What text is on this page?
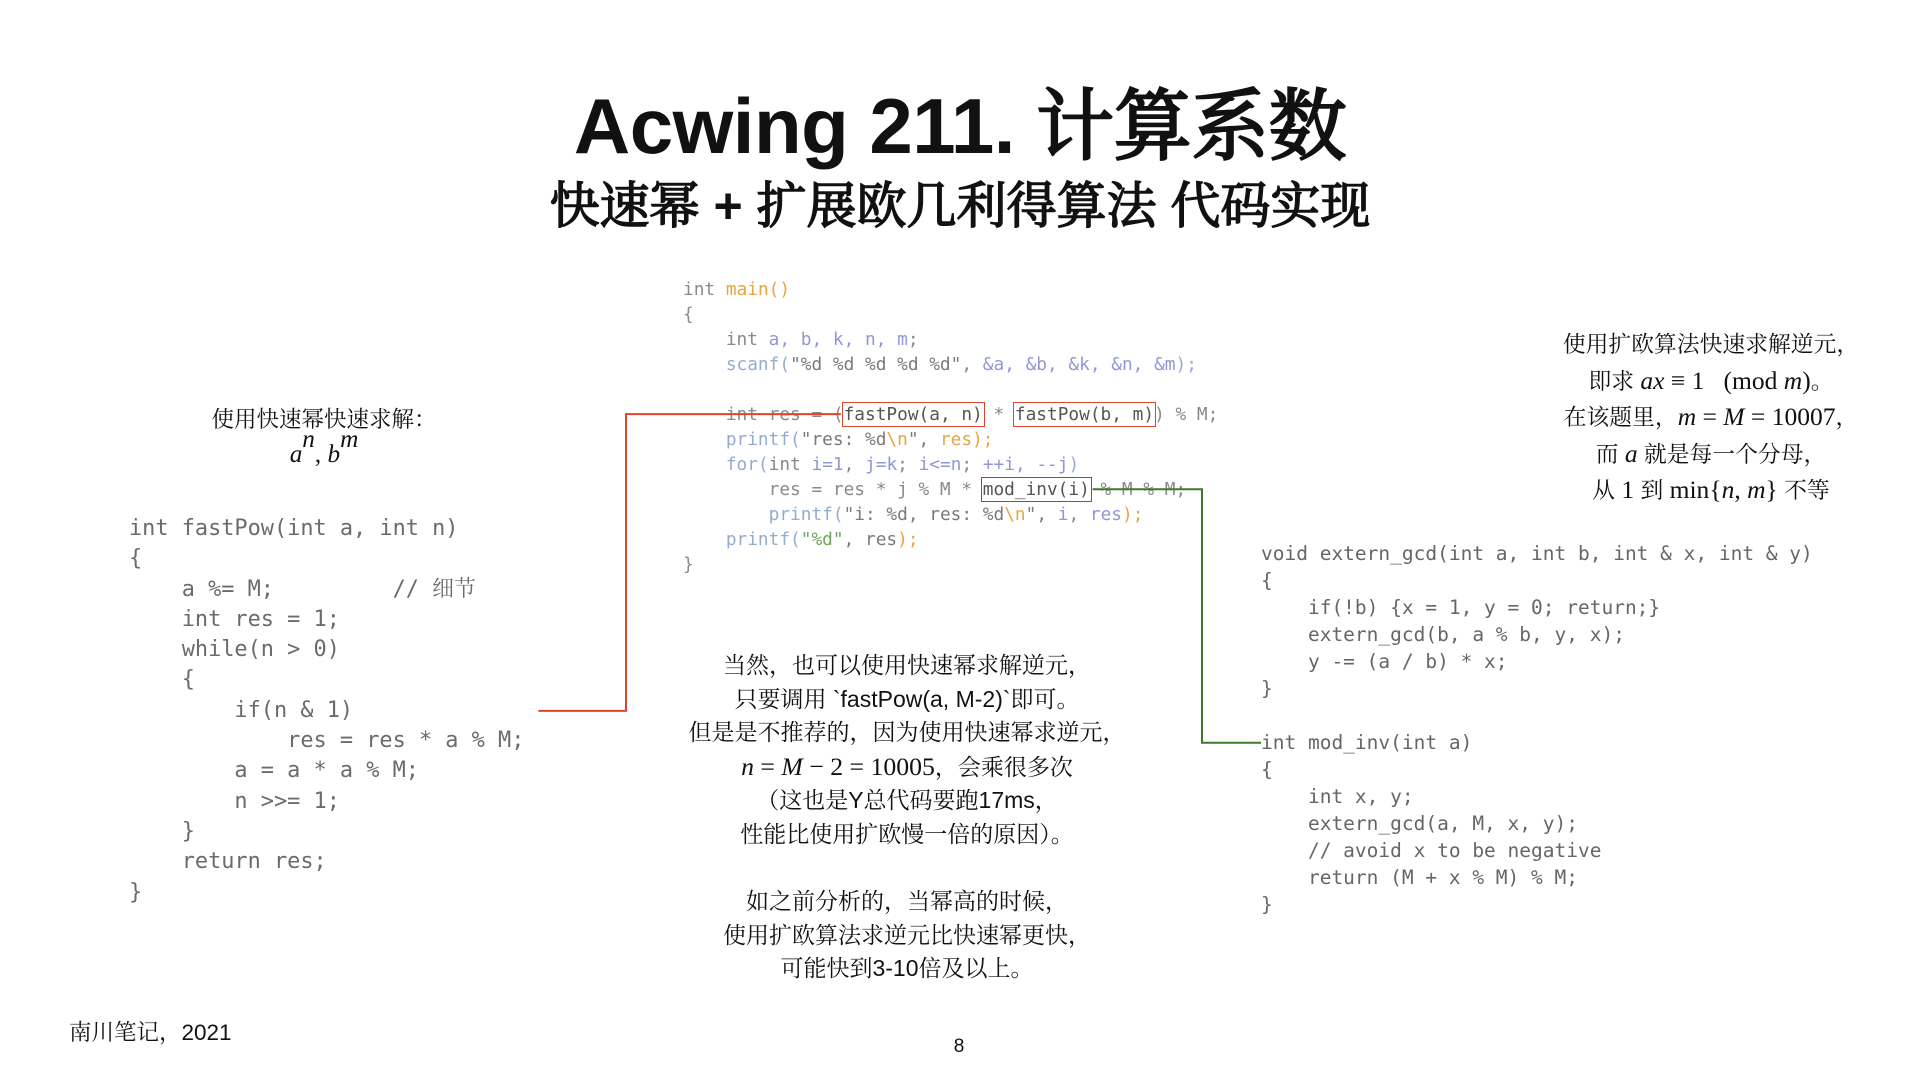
Acwing 211. 计算系数
快速幂 + 扩展欧几利得算法 代码实现
使用快速幂快速求解：
$a^n$, $b^m$
当然，也可以使用快速幂求解逆元，
只要调用 `fastPow(a, M-2)`即可。
但是是不推荐的，因为使用快速幂求逆元，
n = M − 2 = 10005，会乘很多次
（这也是Y总代码要跑17ms，
性能比使用扩欧慢一倍的原因）。
如之前分析的，当幂高的时候，
使用扩欧算法求逆元比快速幂更快，
可能快到3-10倍及以上。
使用扩欧算法快速求解逆元，
即求 ax ≡ 1   (mod m)。
在该题里，m = M = 10007，
而 a 就是每一个分母，
从 1 到 min{n, m} 不等
int fastPow(int a, int n)
{
a %= M;         // 细节
int res = 1;
while(n > 0)
{
if(n & 1)
res = res * a % M;
a = a * a % M;
n >>= 1;
}
return res;
}
int main()
{
int a, b, k, n, m;
scanf("%d %d %d %d %d", &a, &b, &k, &n, &m);
int res = (fastPow(a, n) * fastPow(b, m)) % M;
printf("res: %d\n", res);
for(int i=1, j=k; i<=n; ++i, --j)
res = res * j % M * mod_inv(i) % M % M;
printf("i: %d, res: %d\n", i, res);
printf("%d", res);
}	void extern_gcd(int a, int b, int & x, int & y)
{
if(!b) {x = 1, y = 0; return;}
extern_gcd(b, a % b, y, x);
y -= (a / b) * x;
}
int mod_inv(int a)
{
int x, y;
extern_gcd(a, M, x, y);
// avoid x to be negative
return (M + x % M) % M;
}
南川笔记，2021
8
